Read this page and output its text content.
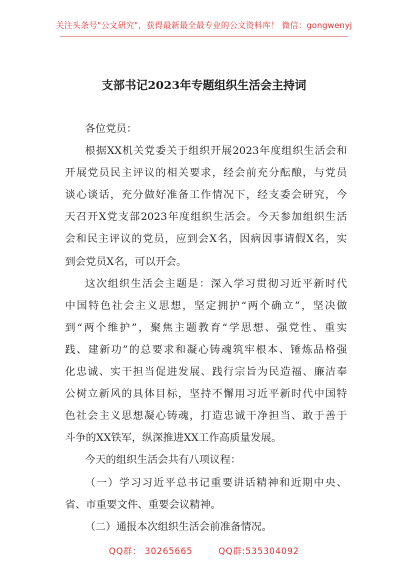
关注头条号"公文研究"，获得最新最全最专业的公文资料库！ 微信：gongwenyj
支部书记2023年专题组织生活会主持词
各位党员：
根据XX机关党委关于组织开展2023年度组织生活会和
开展党员民主评议的相关要求，经会前充分酝酿，与党员
谈心谈话，充分做好准备工作情况下，经支委会研究，今
天召开X党支部2023年度组织生活会。今天参加组织生活
会和民主评议的党员，应到会X名，因病因事请假X名，实
到会党员X名，可以开会。
这次组织生活会主题是：深入学习贯彻习近平新时代
中国特色社会主义思想，坚定拥护“两个确立”，坚决做
到“两个维护”，聚焦主题教育“学思想、强党性、重实
践、建新功”的总要求和凝心铸魂筑牢根本、锤炼品格强
化忠诚、实干担当促进发展、践行宗旨为民造福、廉洁奉
公树立新风的具体目标，坚持不懈用习近平新时代中国特
色社会主义思想凝心铸魂，打造忠诚干净担当、敢于善于
斗争的XX铁军，纵深推进XX工作高质量发展。
今天的组织生活会共有八项议程：
（一）学习习近平总书记重要讲话精神和近期中央、
省、市重要文件、重要会议精神。
（二）通报本次组织生活会前准备情况。
QQ群： 30265665        QQ群:535304092
